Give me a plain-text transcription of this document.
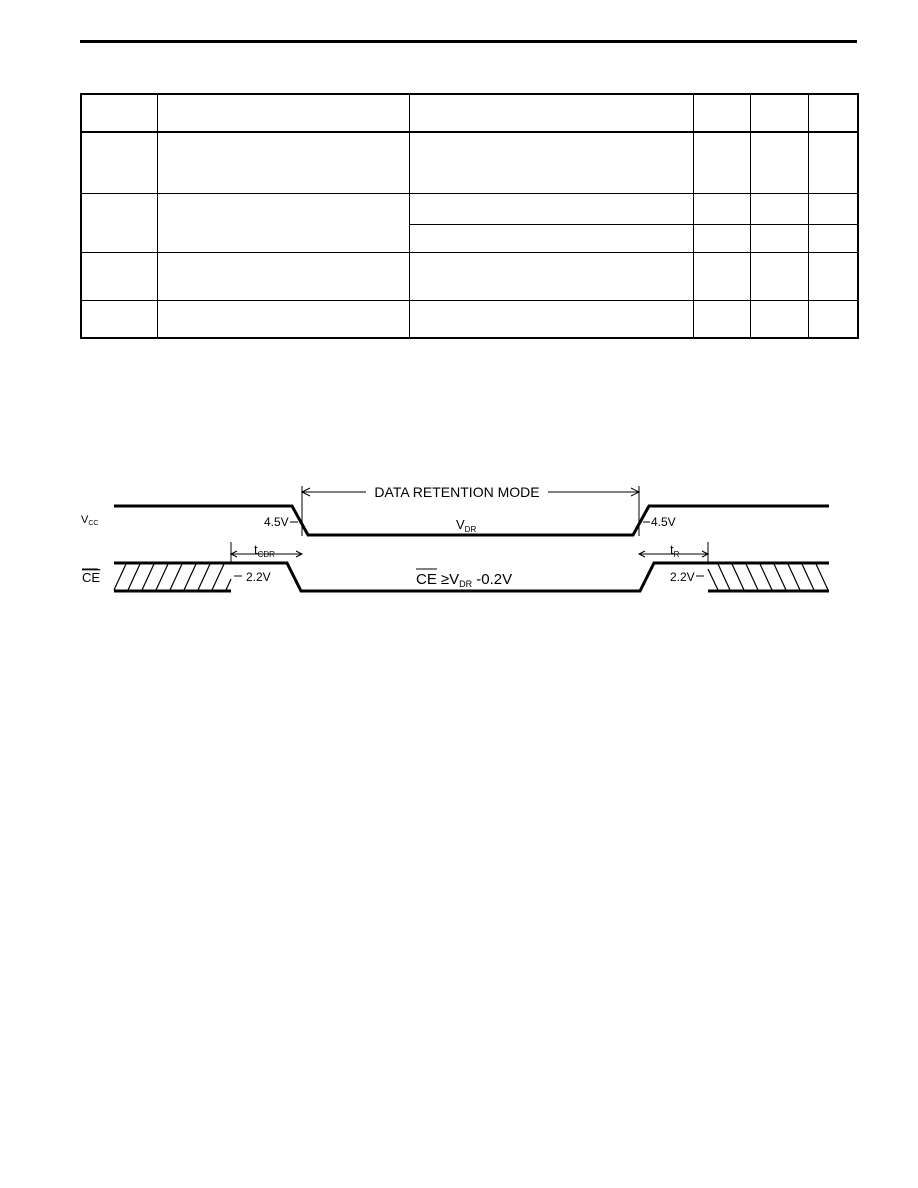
DATA RETENTION MODE
VCC	4.5V	4.5V
$V_{DR}$
$t_{CDR}$	$t_R$
CE	2.2V	2.2V
CE $\ge V_{DR}$ -0.2V
